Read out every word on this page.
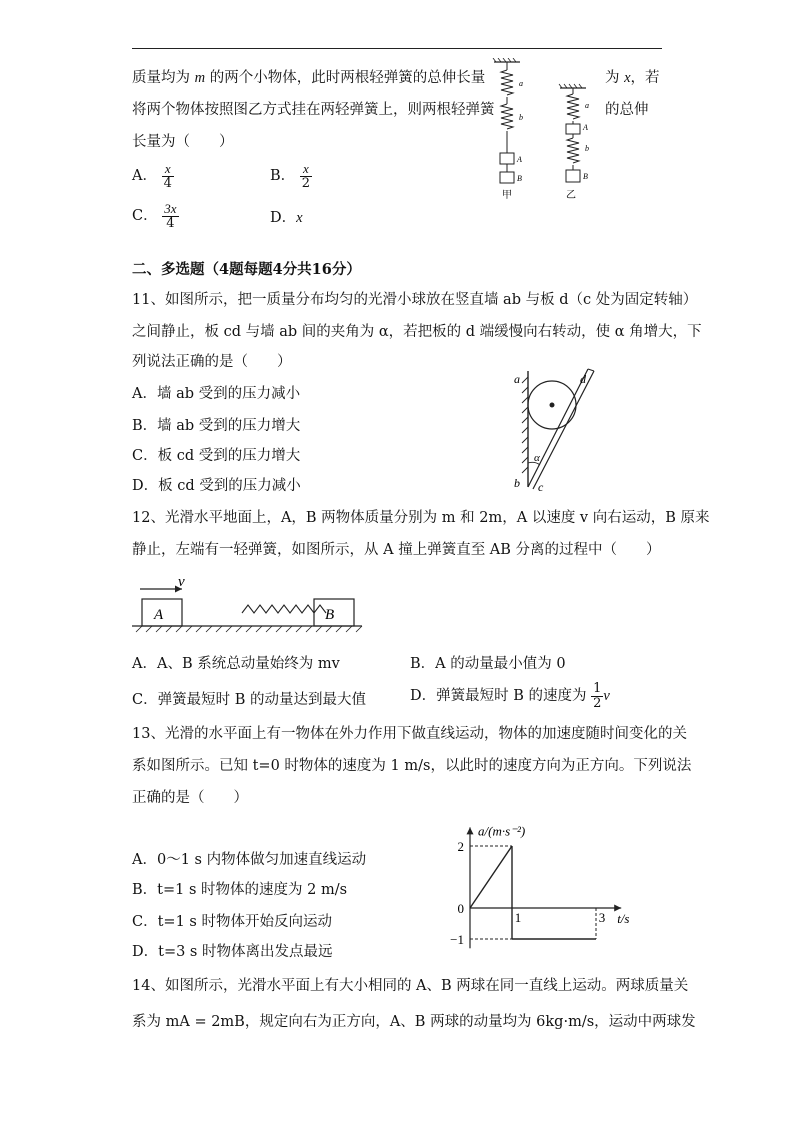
质量均为 m 的两个小物体，此时两根轻弹簧的总伸长量	为 x，若
将两个物体按照图乙方式挂在两轻弹簧上，则两根轻弹簧	的总伸
长量为（　　）
A． $\frac{x}{4}$	B． $\frac{x}{2}$
C． $\frac{3x}{4}$	D．x
a
b
A
B
甲
a
A
b
B
乙
二、多选题（4题每题4分共16分）
11、如图所示，把一质量分布均匀的光滑小球放在竖直墙 ab 与板 d（c 处为固定转轴）
之间静止，板 cd 与墙 ab 间的夹角为 α，若把板的 d 端缓慢向右转动，使 α 角增大，下
列说法正确的是（　　）
A．墙 ab 受到的压力减小
B．墙 ab 受到的压力增大
C．板 cd 受到的压力增大
D．板 cd 受到的压力减小
a
b c
d
α
12、光滑水平地面上，A，B 两物体质量分别为 m 和 2m，A 以速度 v 向右运动，B 原来
静止，左端有一轻弹簧，如图所示，从 A 撞上弹簧直至 AB 分离的过程中（　　）
v
A	B
A．A、B 系统总动量始终为 mv	B．A 的动量最小值为 0
C．弹簧最短时 B 的动量达到最大值	D．弹簧最短时 B 的速度为 $\frac{1}{2}$ v
13、光滑的水平面上有一物体在外力作用下做直线运动，物体的加速度随时间变化的关
系如图所示。已知 t=0 时物体的速度为 1 m/s，以此时的速度方向为正方向。下列说法
正确的是（　　）
A．0～1 s 内物体做匀加速直线运动
B．t=1 s 时物体的速度为 2 m/s
C．t=1 s 时物体开始反向运动
D．t=3 s 时物体离出发点最远
a/(m·s⁻²)
t/s
2
0
−1
1	3
14、如图所示，光滑水平面上有大小相同的 A、B 两球在同一直线上运动。两球质量关
系为 mA = 2mB，规定向右为正方向，A、B 两球的动量均为 6kg·m/s，运动中两球发
